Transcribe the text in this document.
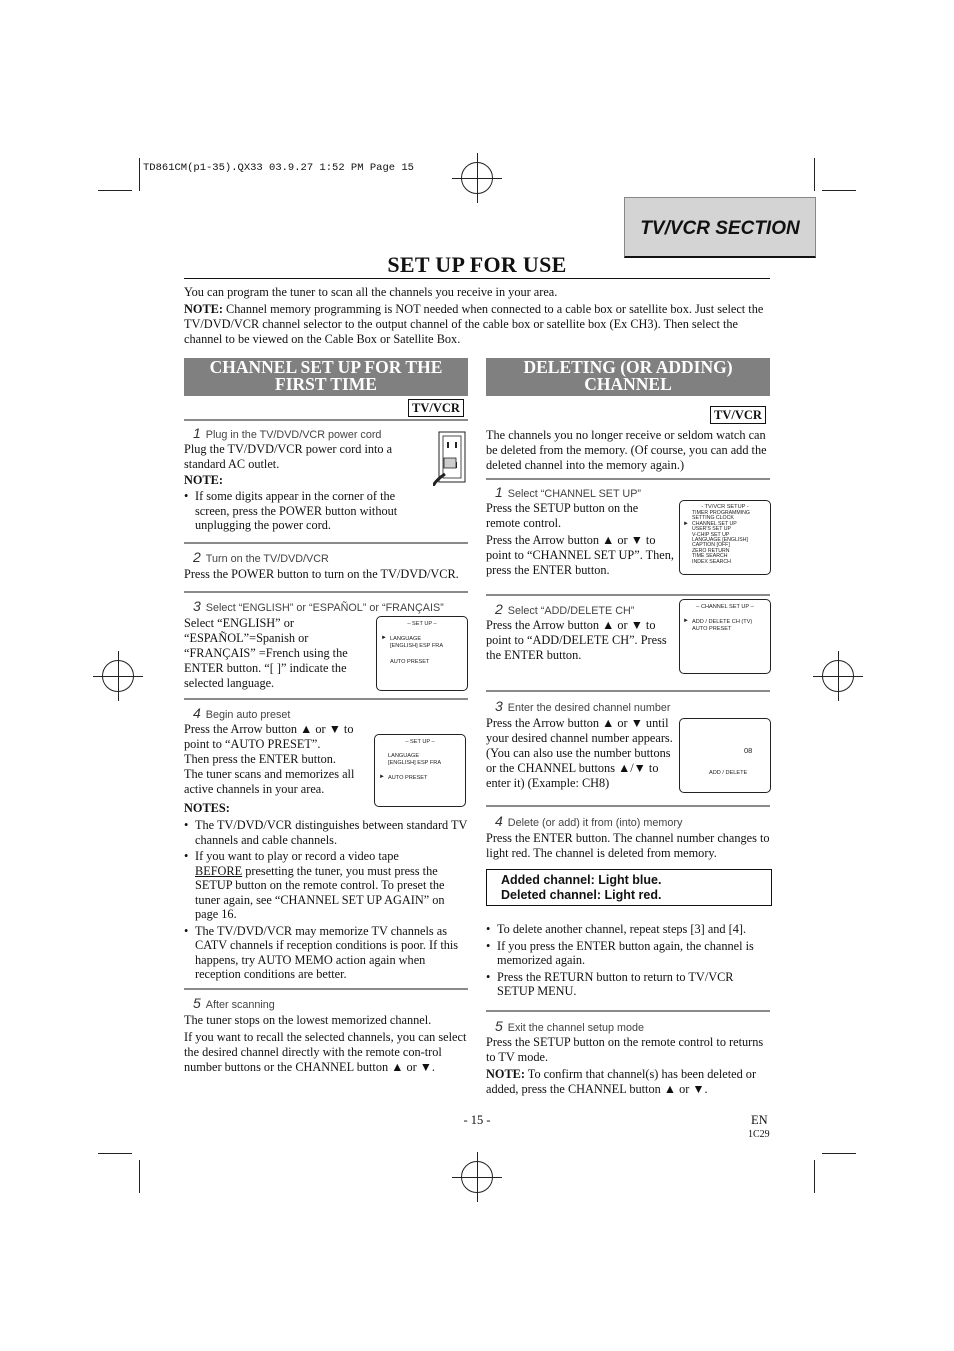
TD861CM(p1-35).QX33 03.9.27 1:52 PM Page 15
TV/VCR SECTION
SET UP FOR USE
You can program the tuner to scan all the channels you receive in your area.
NOTE: Channel memory programming is NOT needed when connected to a cable box or satellite box. Just select the TV/DVD/VCR channel selector to the output channel of the cable box or satellite box (Ex CH3). Then select the channel to be viewed on the Cable Box or Satellite Box.
CHANNEL SET UP FOR THE
FIRST TIME
TV/VCR
1 Plug in the TV/DVD/VCR power cord
Plug the TV/DVD/VCR power cord into a standard AC outlet.
NOTE:
• If some digits appear in the corner of the screen, press the POWER button without unplugging the power cord.
2 Turn on the TV/DVD/VCR
Press the POWER button to turn on the TV/DVD/VCR.
3 Select “ENGLISH” or “ESPAÑOL” or “FRANÇAIS”
Select “ENGLISH” or “ESPAÑOL”=Spanish or “FRANÇAIS” =French using the ENTER button. “[ ]” indicate the selected language.
– SET UP –
► LANGUAGE
[ENGLISH] ESP FRA
AUTO PRESET
4 Begin auto preset
Press the Arrow button ▲ or ▼ to point to “AUTO PRESET”.
Then press the ENTER button.
The tuner scans and memorizes all active channels in your area.
– SET UP –
LANGUAGE
[ENGLISH] ESP FRA
► AUTO PRESET
NOTES:
• The TV/DVD/VCR distinguishes between standard TV channels and cable channels.
• If you want to play or record a video tape
BEFORE presetting the tuner, you must press the SETUP button on the remote control. To preset the tuner again, see “CHANNEL SET UP AGAIN” on page 16.
• The TV/DVD/VCR may memorize TV channels as CATV channels if reception conditions is poor. If this happens, try AUTO MEMO action again when reception conditions are better.
5 After scanning
The tuner stops on the lowest memorized channel.
If you want to recall the selected channels, you can select the desired channel directly with the remote con-trol number buttons or the CHANNEL button ▲ or ▼.
DELETING (OR ADDING)
CHANNEL
TV/VCR
The channels you no longer receive or seldom watch can be deleted from the memory. (Of course, you can add the deleted channel into the memory again.)
1 Select “CHANNEL SET UP”
Press the SETUP button on the remote control.
Press the Arrow button ▲ or ▼ to point to “CHANNEL SET UP”. Then, press the ENTER button.
- TV/VCR SETUP -
TIMER PROGRAMMING
SETTING CLOCK
CHANNEL SET UP
USER'S SET UP
V-CHIP SET UP
LANGUAGE [ENGLISH]
CAPTION [OFF]
ZERO RETURN
TIME SEARCH
INDEX SEARCH
►
2 Select “ADD/DELETE CH”
Press the Arrow button ▲ or ▼ to point to “ADD/DELETE CH”. Press the ENTER button.
– CHANNEL SET UP –
► ADD / DELETE CH (TV)
AUTO PRESET
3 Enter the desired channel number
Press the Arrow button ▲ or ▼ until your desired channel number appears. (You can also use the number buttons or the CHANNEL buttons ▲/▼ to enter it) (Example: CH8)
08
ADD / DELETE
4 Delete (or add) it from (into) memory
Press the ENTER button. The channel number changes to light red. The channel is deleted from memory.
Added channel: Light blue.
Deleted channel: Light red.
• To delete another channel, repeat steps [3] and [4].
• If you press the ENTER button again, the channel is memorized again.
• Press the RETURN button to return to TV/VCR SETUP MENU.
5 Exit the channel setup mode
Press the SETUP button on the remote control to returns to TV mode.
NOTE: To confirm that channel(s) has been deleted or added, press the CHANNEL button ▲ or ▼.
- 15 -	EN
1C29
